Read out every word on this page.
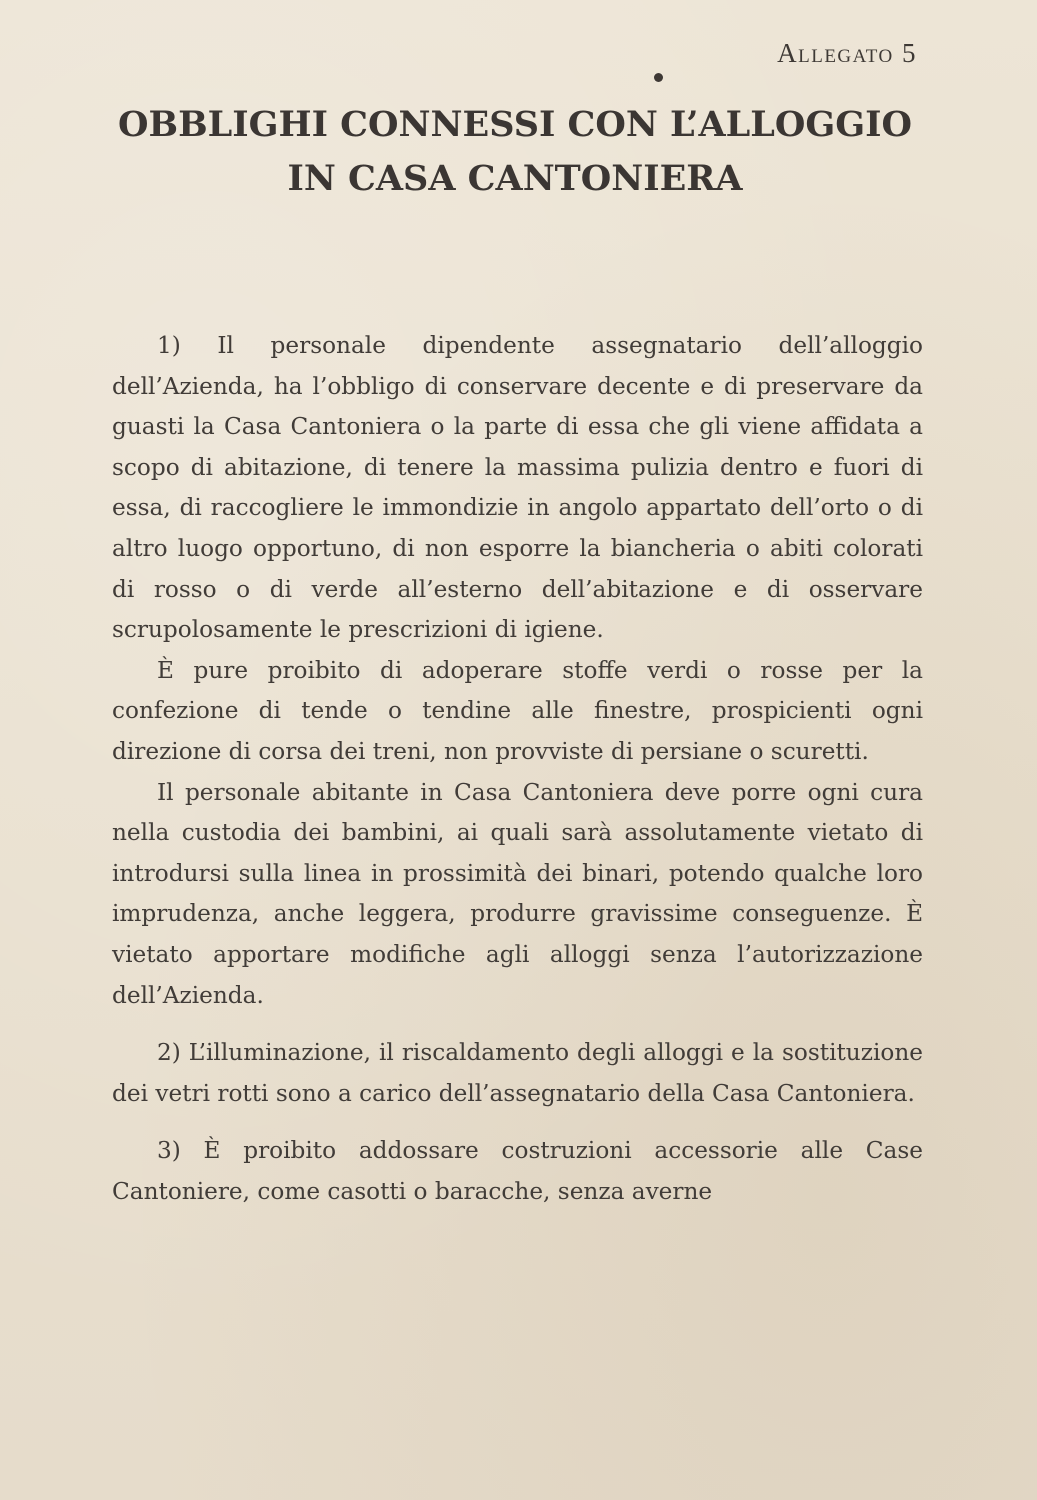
Allegato 5
OBBLIGHI CONNESSI CON L’ALLOGGIO
IN CASA CANTONIERA

1) Il personale dipendente assegnatario dell’alloggio dell’Azienda, ha l’obbligo di conservare decente e di preservare da guasti la Casa Cantoniera o la parte di essa che gli viene affidata a scopo di abitazione, di tenere la massima pulizia dentro e fuori di essa, di raccogliere le immondizie in angolo appartato dell’orto o di altro luogo opportuno, di non esporre la biancheria o abiti colorati di rosso o di verde all’esterno dell’abitazione e di osservare scrupolosamente le prescrizioni di igiene.

È pure proibito di adoperare stoffe verdi o rosse per la confezione di tende o tendine alle finestre, prospicienti ogni direzione di corsa dei treni, non provviste di persiane o scuretti.

Il personale abitante in Casa Cantoniera deve porre ogni cura nella custodia dei bambini, ai quali sarà assolutamente vietato di introdursi sulla linea in prossimità dei binari, potendo qualche loro imprudenza, anche leggera, produrre gravissime conseguenze. È vietato apportare modifiche agli alloggi senza l’autorizzazione dell’Azienda.

2) L’illuminazione, il riscaldamento degli alloggi e la sostituzione dei vetri rotti sono a carico dell’assegnatario della Casa Cantoniera.

3) È proibito addossare costruzioni accessorie alle Case Cantoniere, come casotti o baracche, senza averne
